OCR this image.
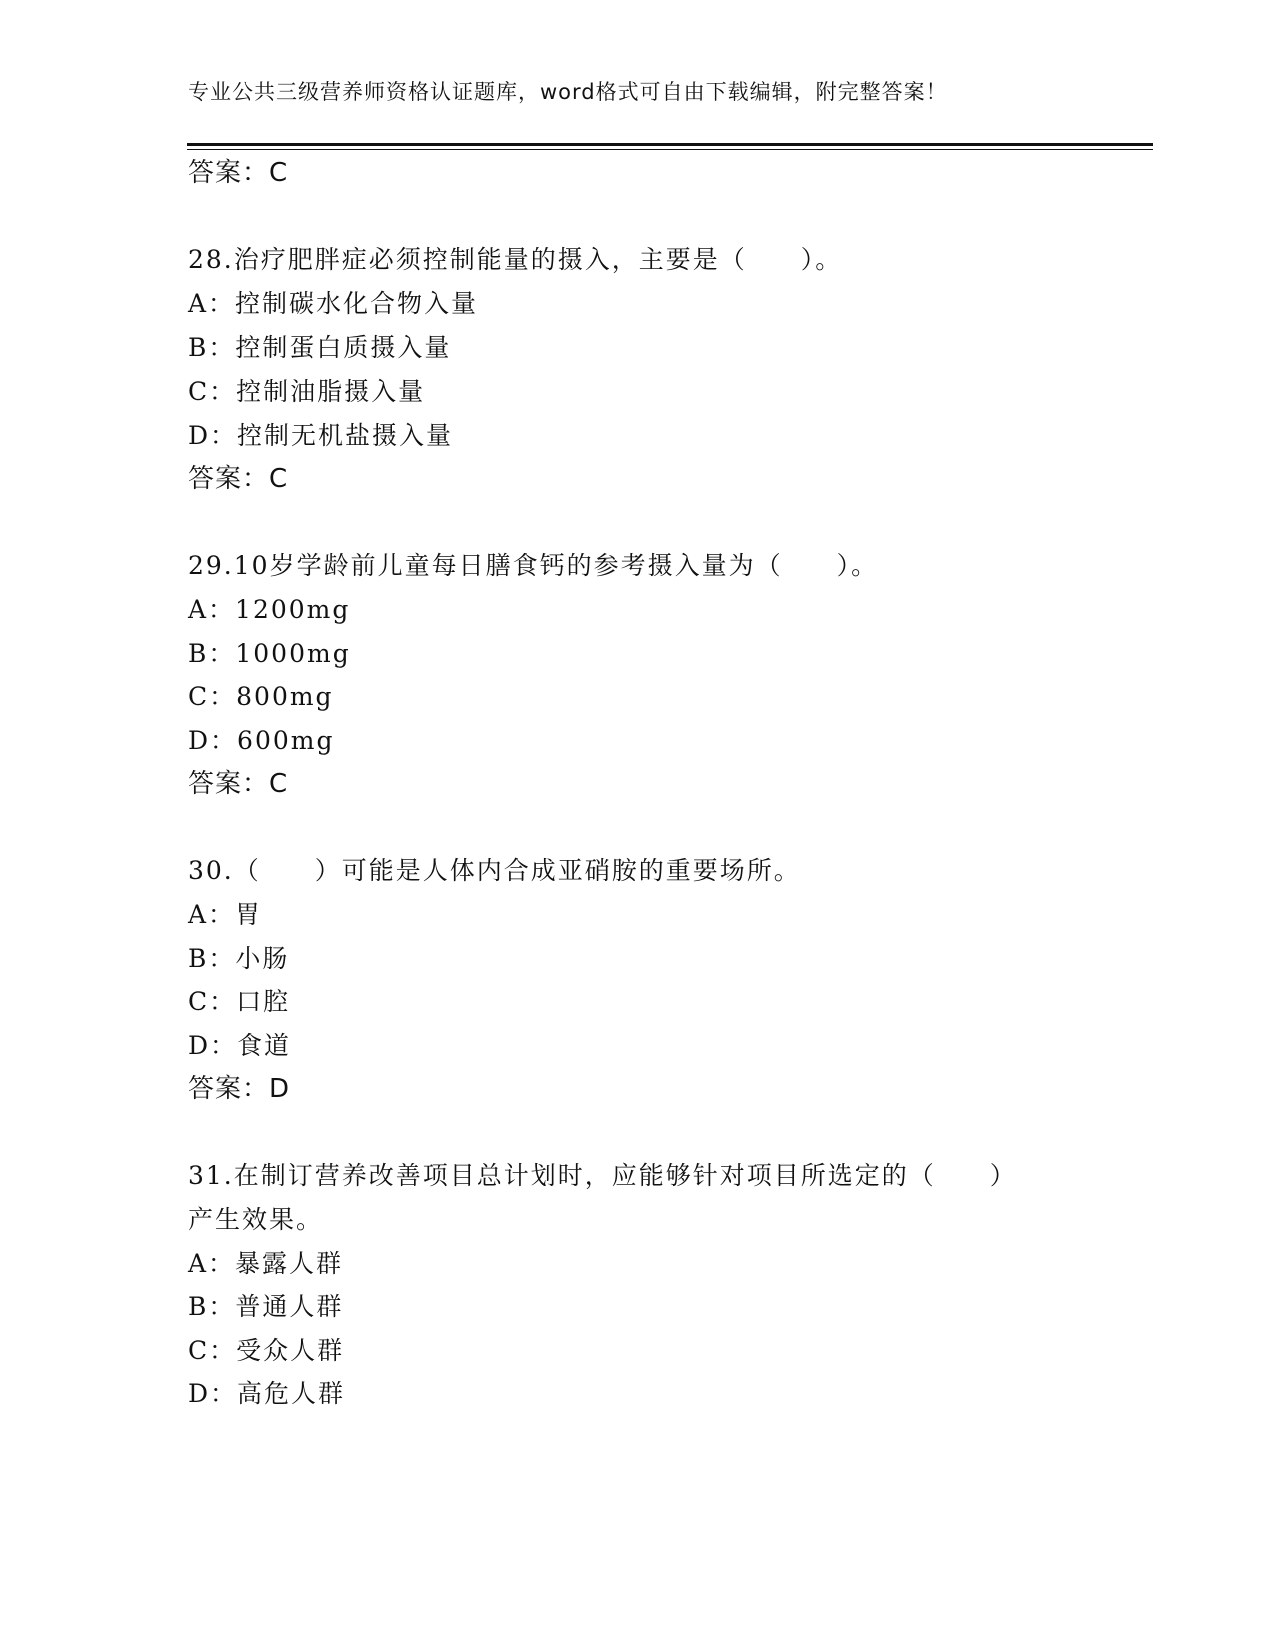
专业公共三级营养师资格认证题库，word格式可自由下载编辑，附完整答案！
答案：C
28.治疗肥胖症必须控制能量的摄入，主要是（　　）。
A：控制碳水化合物入量
B：控制蛋白质摄入量
C：控制油脂摄入量
D：控制无机盐摄入量
答案：C
29.10岁学龄前儿童每日膳食钙的参考摄入量为（　　）。
A：1200mg
B：1000mg
C：800mg
D：600mg
答案：C
30.（　　）可能是人体内合成亚硝胺的重要场所。
A：胃
B：小肠
C：口腔
D：食道
答案：D
31.在制订营养改善项目总计划时，应能够针对项目所选定的（　　）
产生效果。
A：暴露人群
B：普通人群
C：受众人群
D：高危人群
